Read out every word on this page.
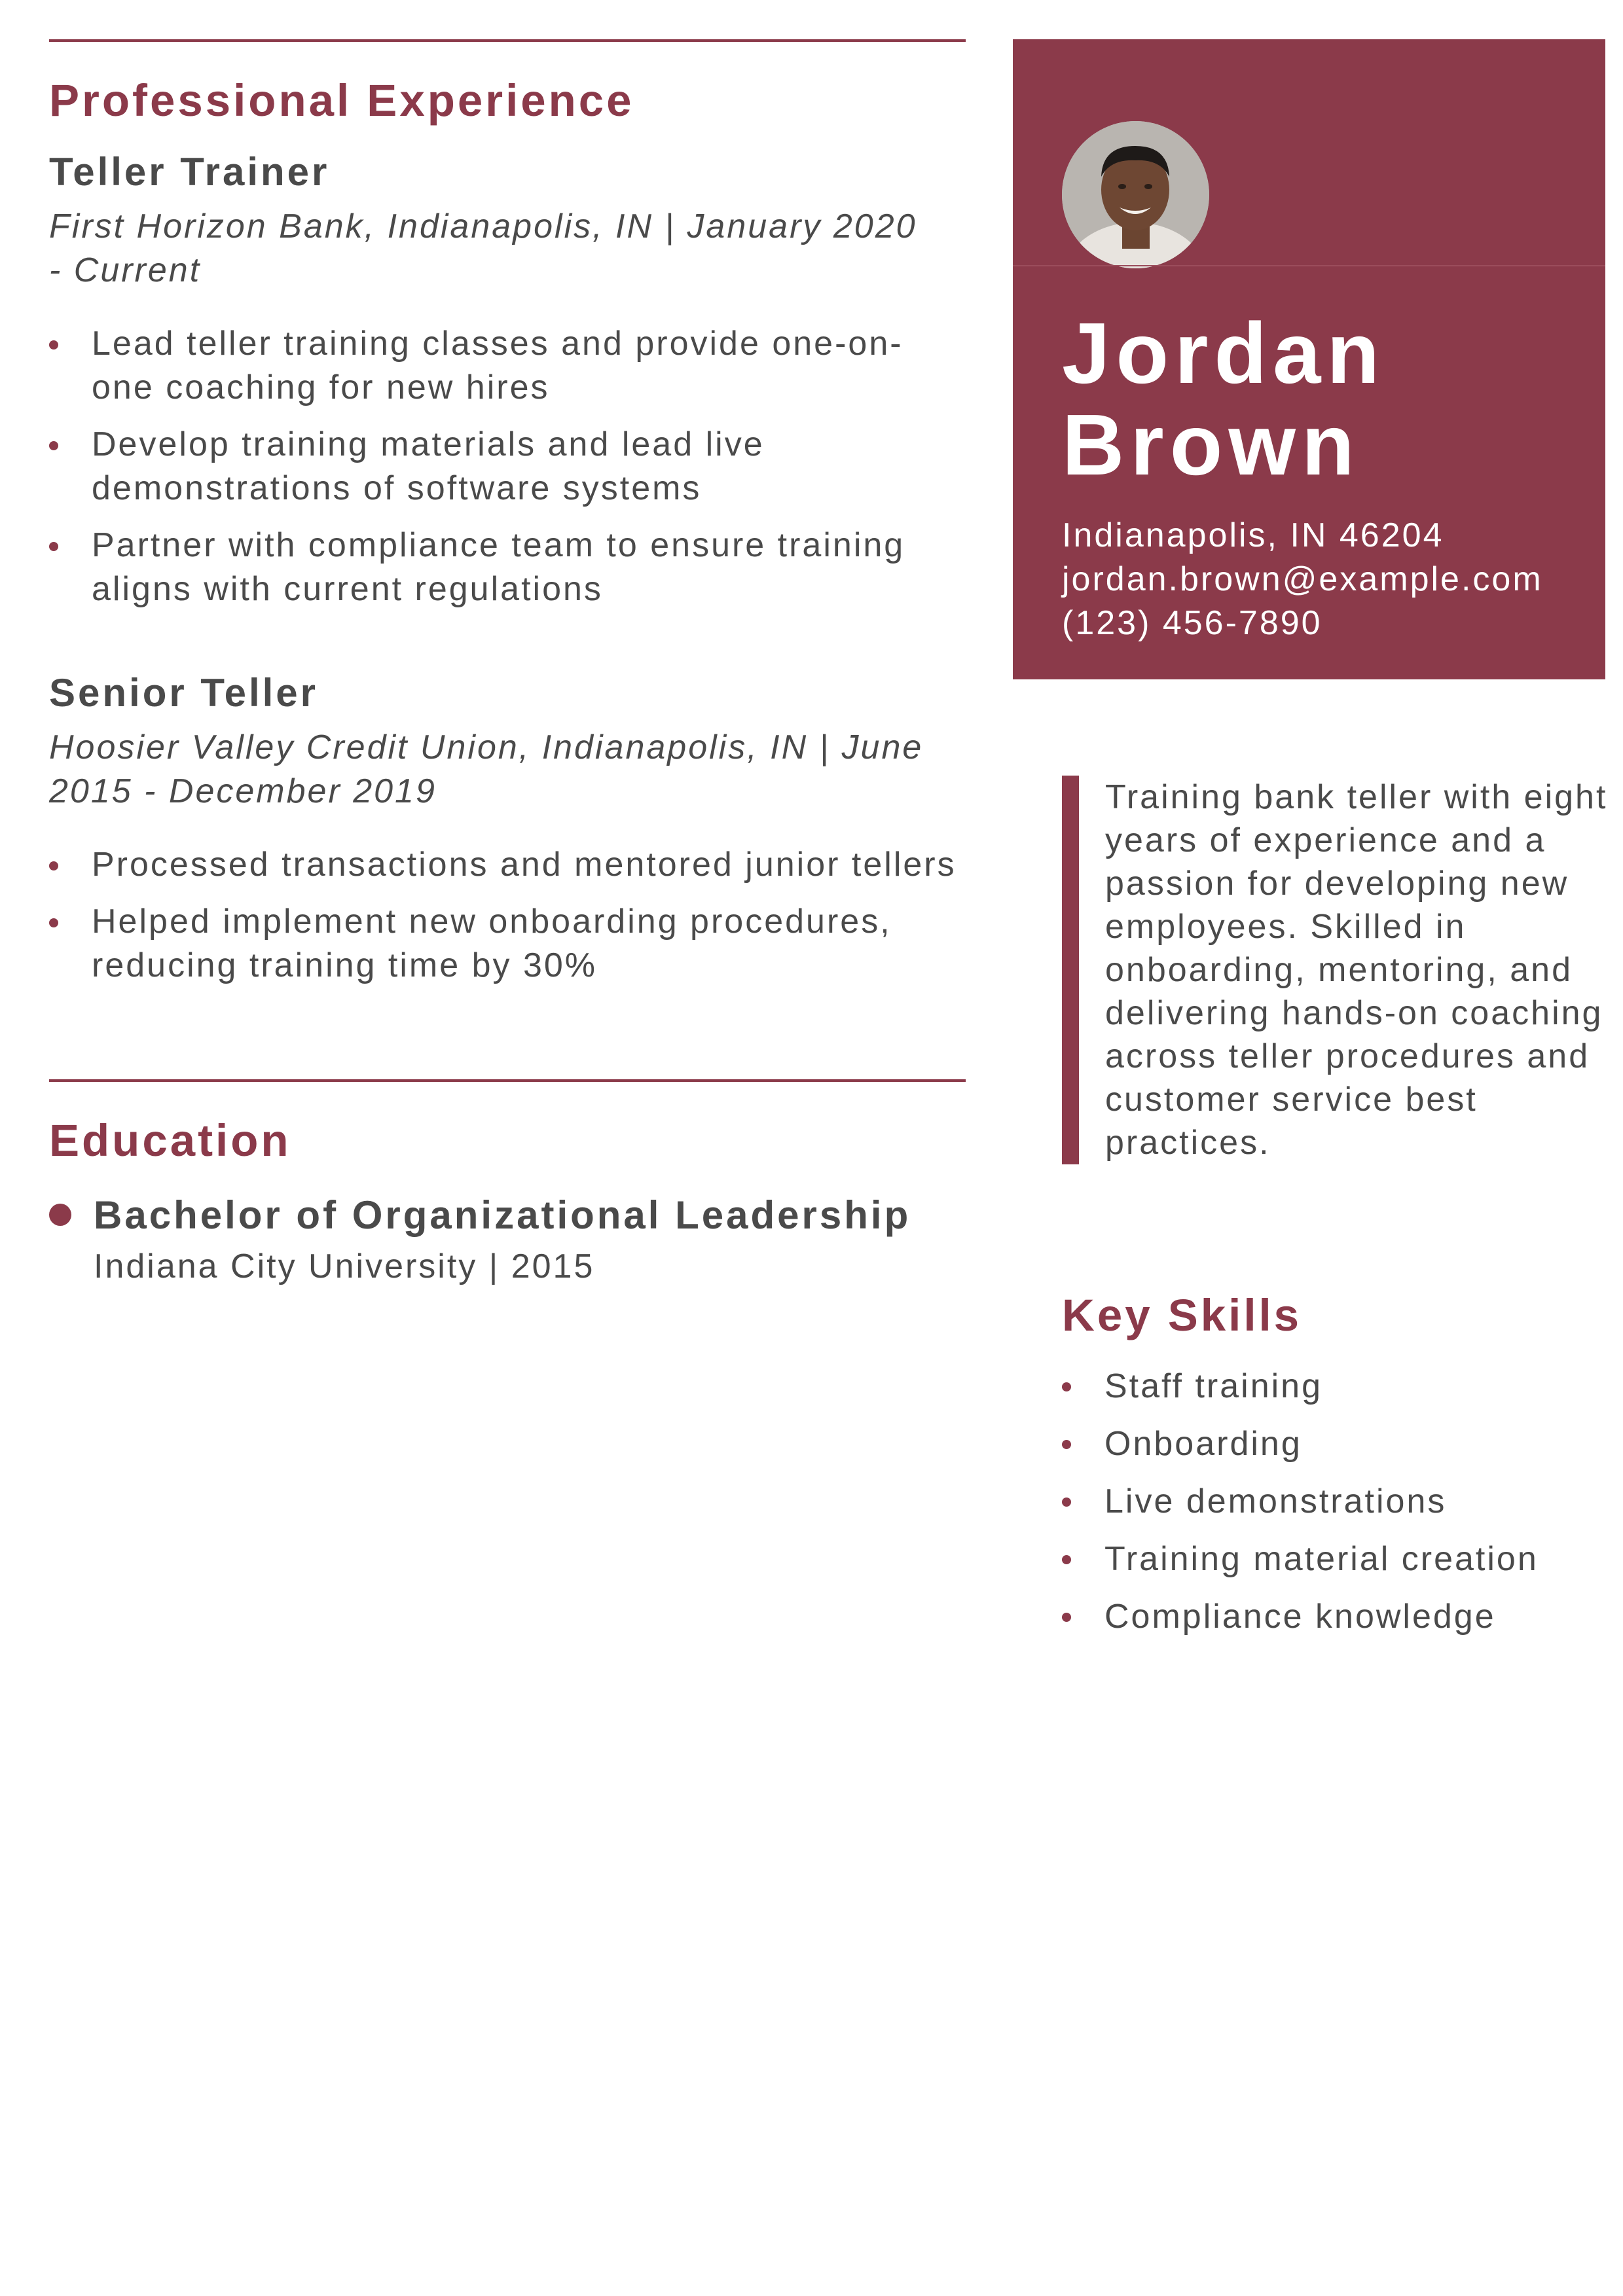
Professional Experience
Teller Trainer

First Horizon Bank, Indianapolis, IN | January 2020 - Current

Lead teller training classes and provide one-on-one coaching for new hires
Develop training materials and lead live demonstrations of software systems
Partner with compliance team to ensure training aligns with current regulations
Senior Teller

Hoosier Valley Credit Union, Indianapolis, IN | June 2015 - December 2019

Processed transactions and mentored junior tellers
Helped implement new onboarding procedures, reducing training time by 30%
Education
Bachelor of Organizational Leadership
Indiana City University | 2015
Jordan
Brown
Indianapolis, IN 46204
jordan.brown@example.com
(123) 456-7890
Training bank teller with eight years of experience and a passion for developing new employees. Skilled in onboarding, mentoring, and delivering hands-on coaching across teller procedures and customer service best practices.
Key Skills
Staff training
Onboarding
Live demonstrations
Training material creation
Compliance knowledge
